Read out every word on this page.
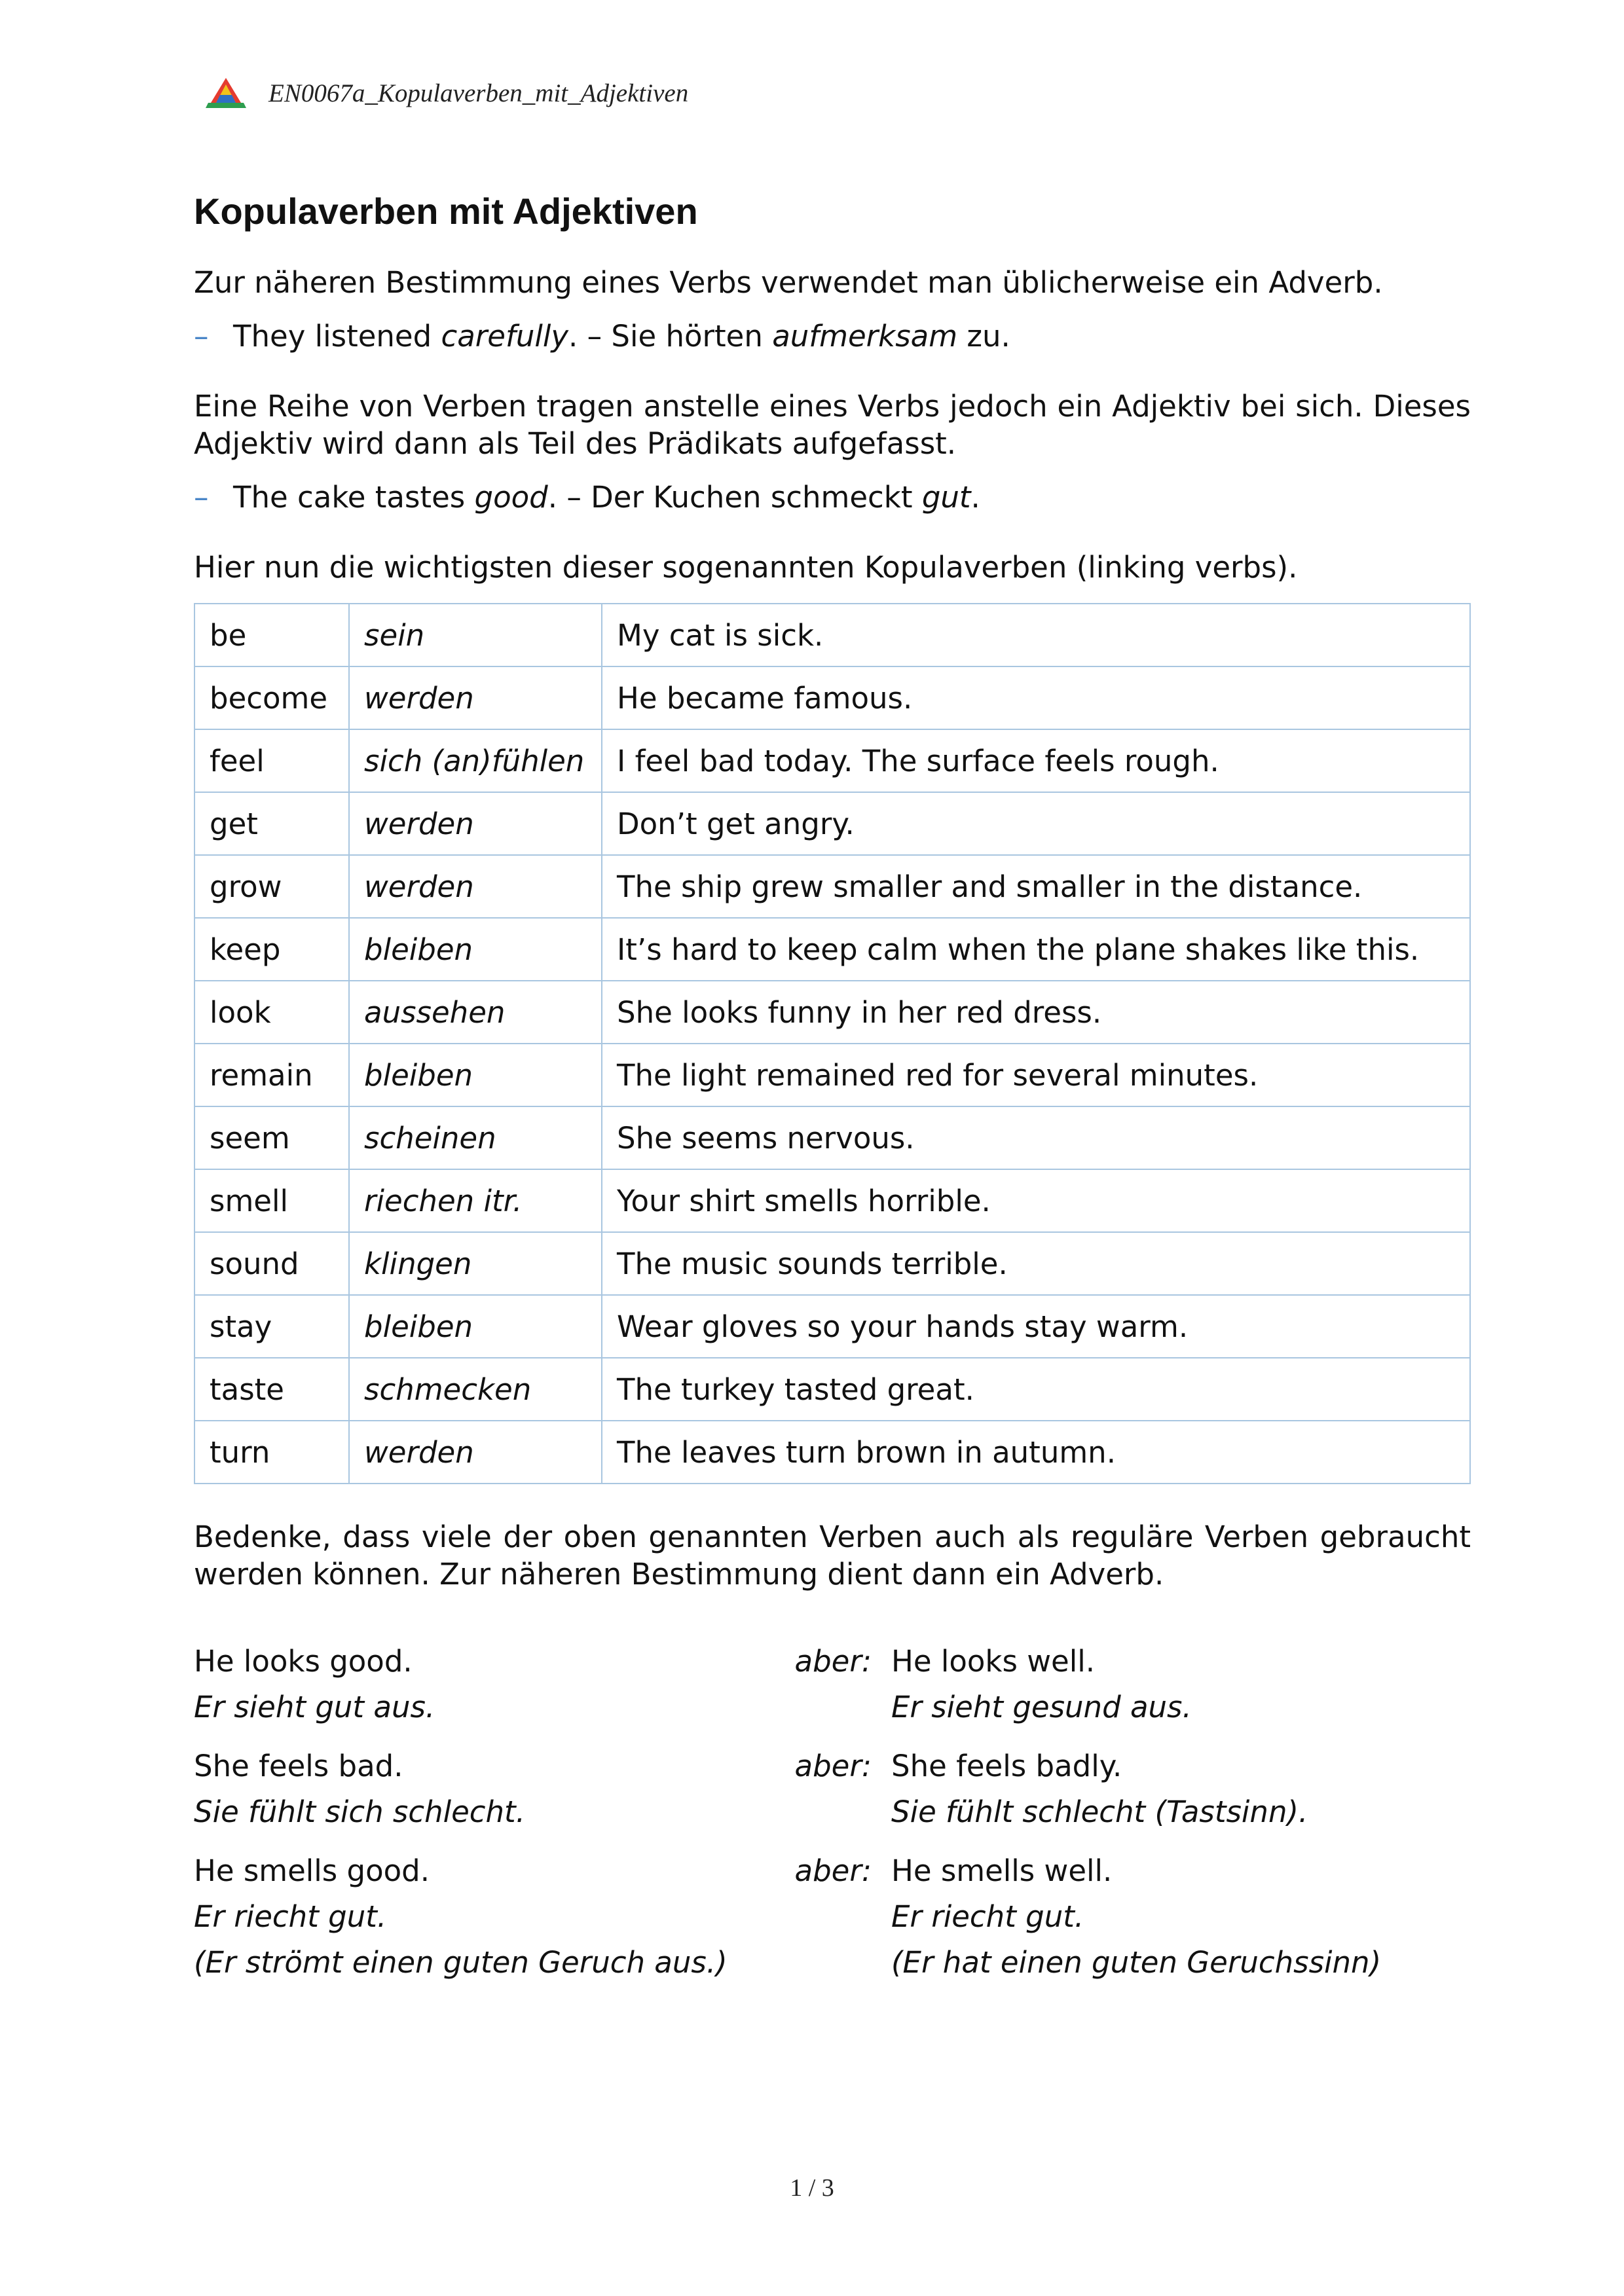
EN0067a_Kopulaverben_mit_Adjektiven
Kopulaverben mit Adjektiven

Zur näheren Bestimmung eines Verbs verwendet man üblicherweise ein Adverb.

– They listened carefully. – Sie hörten aufmerksam zu.

Eine Reihe von Verben tragen anstelle eines Verbs jedoch ein Adjektiv bei sich. Dieses Adjektiv wird dann als Teil des Prädikats aufgefasst.

– The cake tastes good. – Der Kuchen schmeckt gut.

Hier nun die wichtigsten dieser sogenannten Kopulaverben (linking verbs).

be	sein	My cat is sick.
become	werden	He became famous.
feel	sich (an)fühlen	I feel bad today. The surface feels rough.
get	werden	Don’t get angry.
grow	werden	The ship grew smaller and smaller in the distance.
keep	bleiben	It’s hard to keep calm when the plane shakes like this.
look	aussehen	She looks funny in her red dress.
remain	bleiben	The light remained red for several minutes.
seem	scheinen	She seems nervous.
smell	riechen itr.	Your shirt smells horrible.
sound	klingen	The music sounds terrible.
stay	bleiben	Wear gloves so your hands stay warm.
taste	schmecken	The turkey tasted great.
turn	werden	The leaves turn brown in autumn.

Bedenke, dass viele der oben genannten Verben auch als reguläre Verben gebraucht werden können. Zur näheren Bestimmung dient dann ein Adverb.

He looks good.
Er sieht gut aus.
aber: He looks well.
Er sieht gesund aus.
She feels bad.
Sie fühlt sich schlecht.
aber: She feels badly.
Sie fühlt schlecht (Tastsinn).
He smells good.
Er riecht gut.
(Er strömt einen guten Geruch aus.)
aber: He smells well.
Er riecht gut.
(Er hat einen guten Geruchssinn)
1 / 3
